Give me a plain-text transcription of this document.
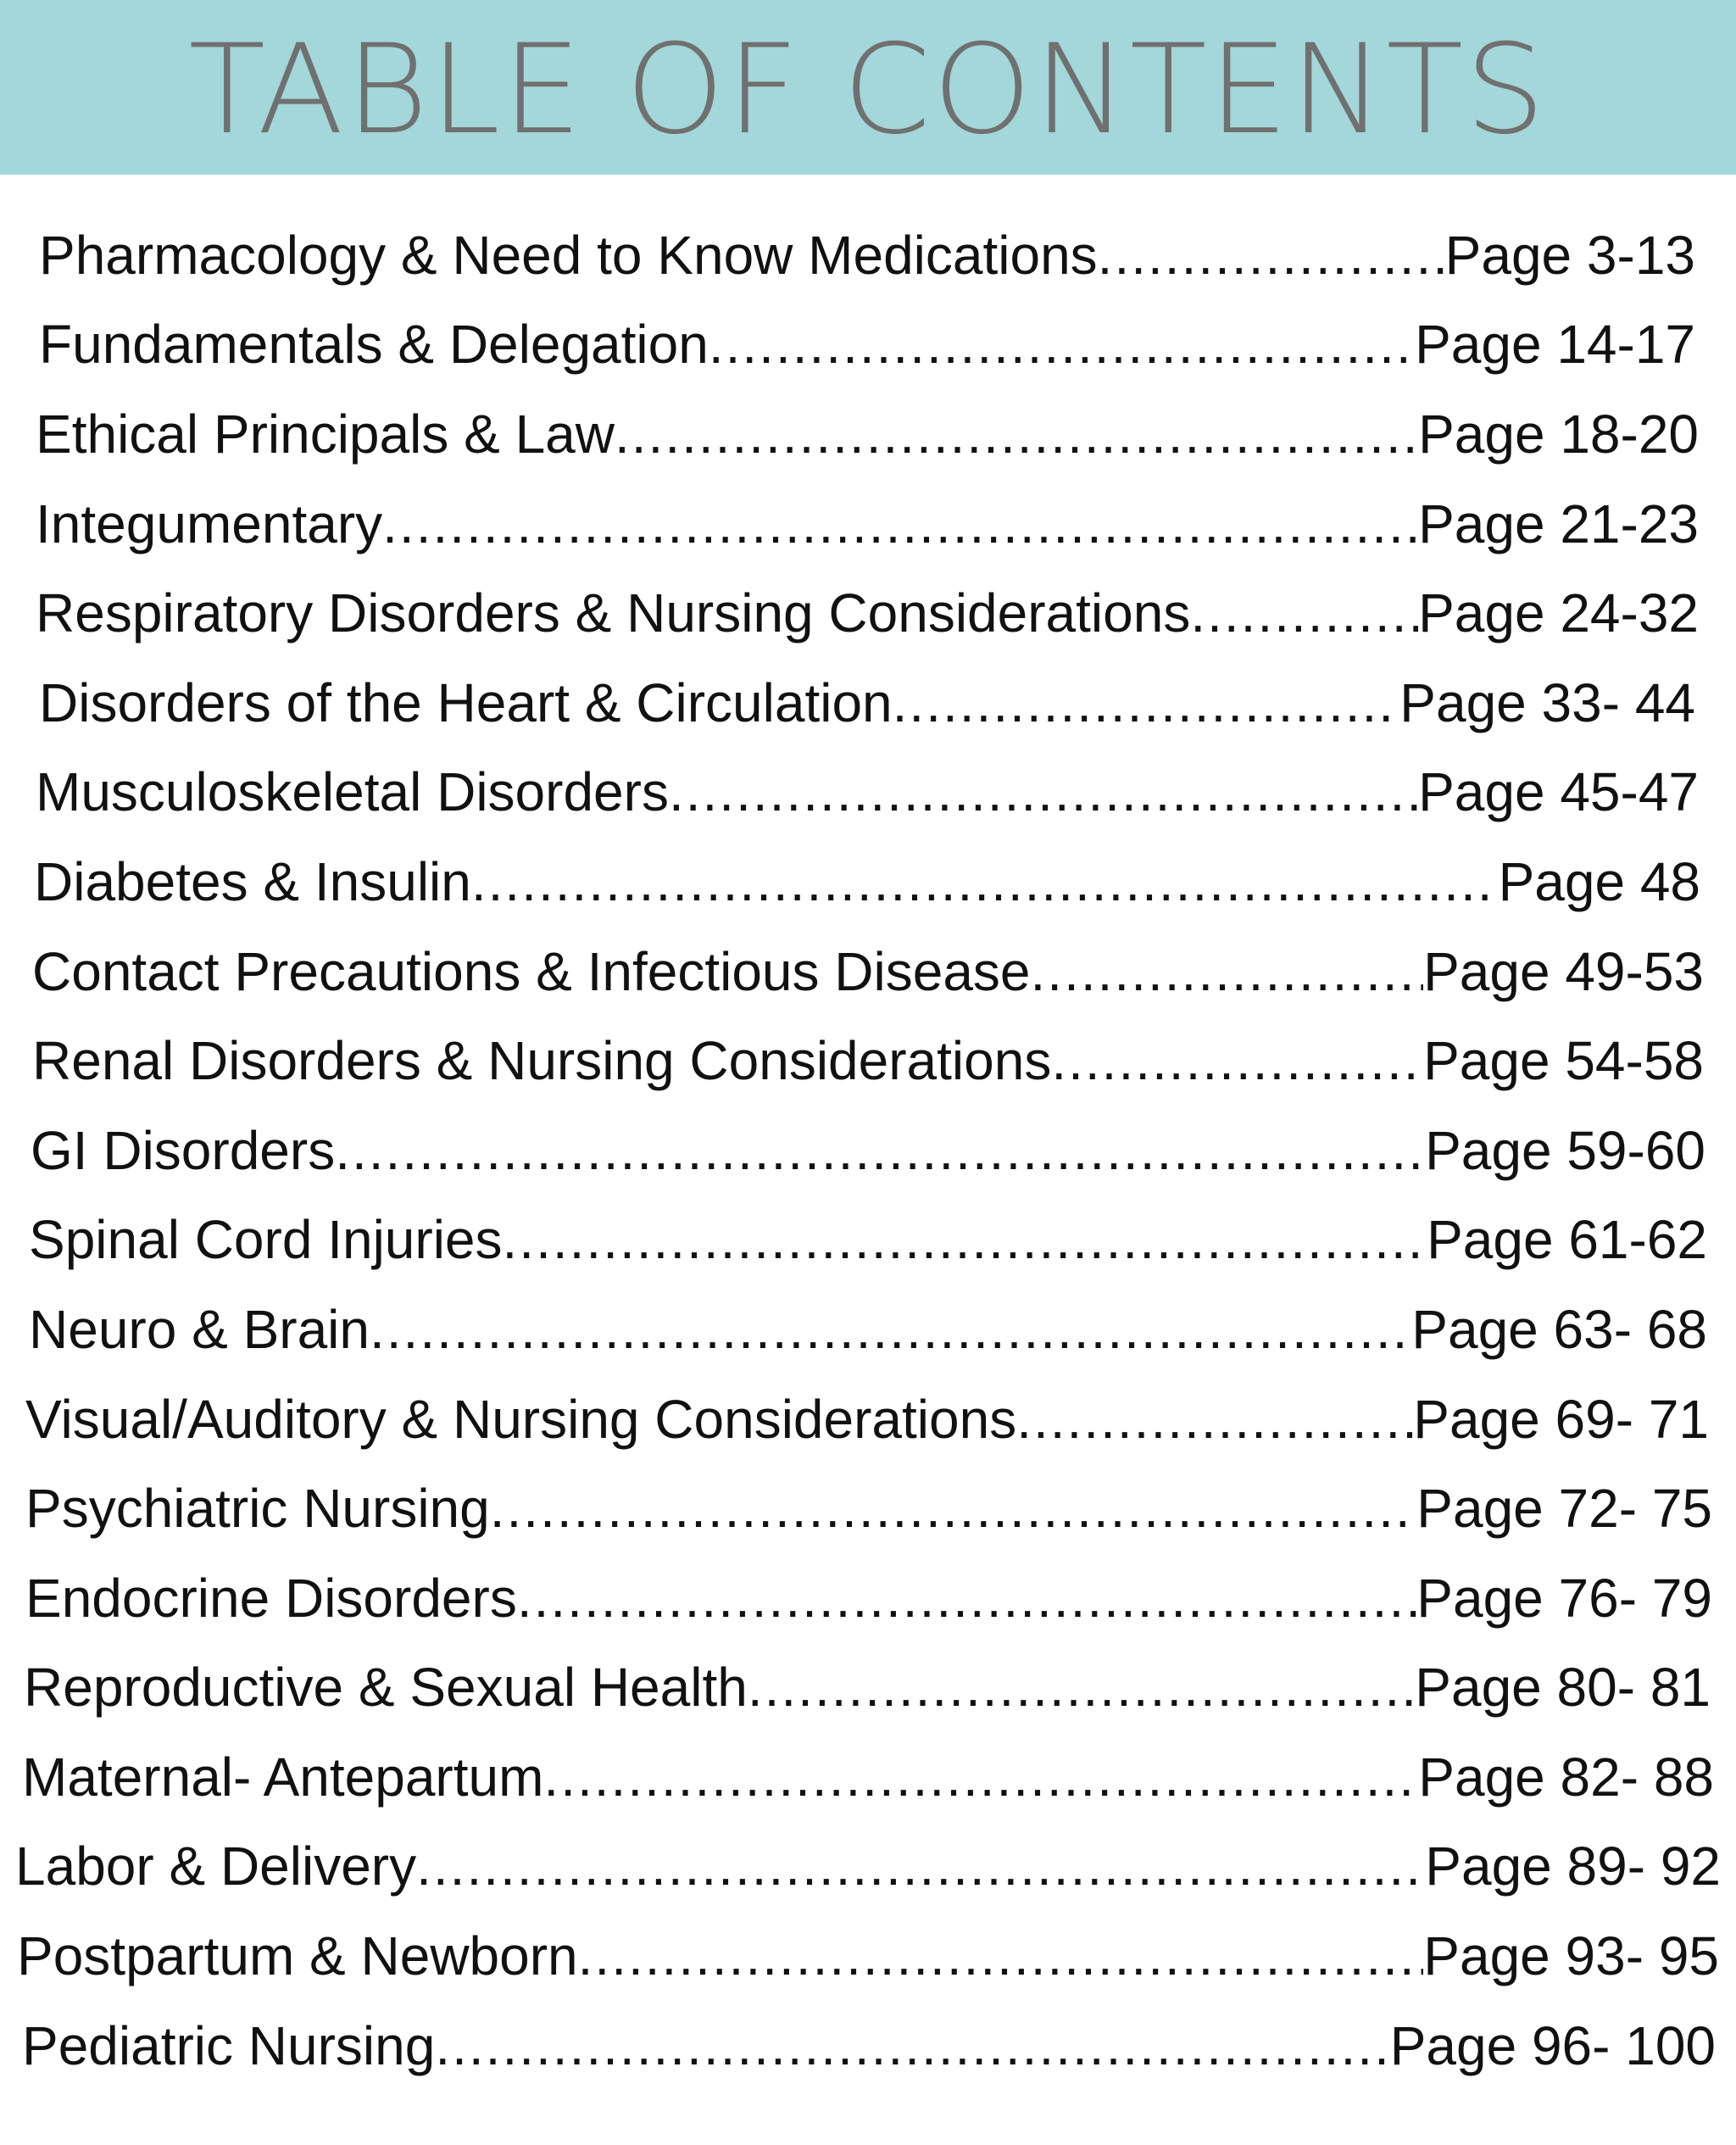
TABLE OF CONTENTS
Pharmacology & Need to Know Medications .....	Page 3-13
Fundamentals & Delegation .....	Page 14-17
Ethical Principals & Law .....	Page 18-20
Integumentary .....	Page 21-23
Respiratory Disorders & Nursing Considerations .....	Page 24-32
Disorders of the Heart & Circulation .....	Page 33- 44
Musculoskeletal Disorders .....	Page 45-47
Diabetes & Insulin .....	Page 48
Contact Precautions & Infectious Disease .....	Page 49-53
Renal Disorders & Nursing Considerations .....	Page 54-58
GI Disorders .....	Page 59-60
Spinal Cord Injuries .....	Page 61-62
Neuro & Brain .....	Page 63- 68
Visual/Auditory & Nursing Considerations .....	Page 69- 71
Psychiatric Nursing .....	Page 72- 75
Endocrine Disorders .....	Page 76- 79
Reproductive & Sexual Health .....	Page 80- 81
Maternal- Antepartum .....	Page 82- 88
Labor & Delivery .....	Page 89- 92
Postpartum & Newborn .....	Page 93- 95
Pediatric Nursing .....	Page 96- 100
